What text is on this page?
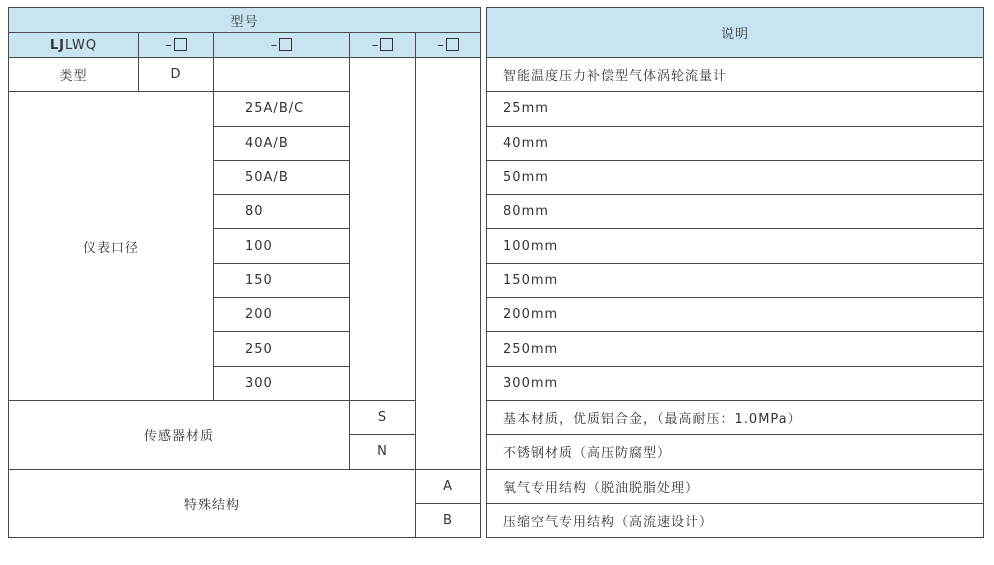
型号						说明
LJLWQ	–	–	–	–		
类型	D					智能温度压力补偿型气体涡轮流量计
仪表口径		25A/B/C				25mm
		40A/B				40mm
		50A/B				50mm
		80				80mm
		100				100mm
		150				150mm
		200				200mm
		250				250mm
		300				300mm
传感器材质			S			基本材质，优质铝合金，（最高耐压：1.0MPa）
			N			不锈钢材质（高压防腐型）
特殊结构				A		氧气专用结构（脱油脱脂处理）
				B		压缩空气专用结构（高流速设计）
